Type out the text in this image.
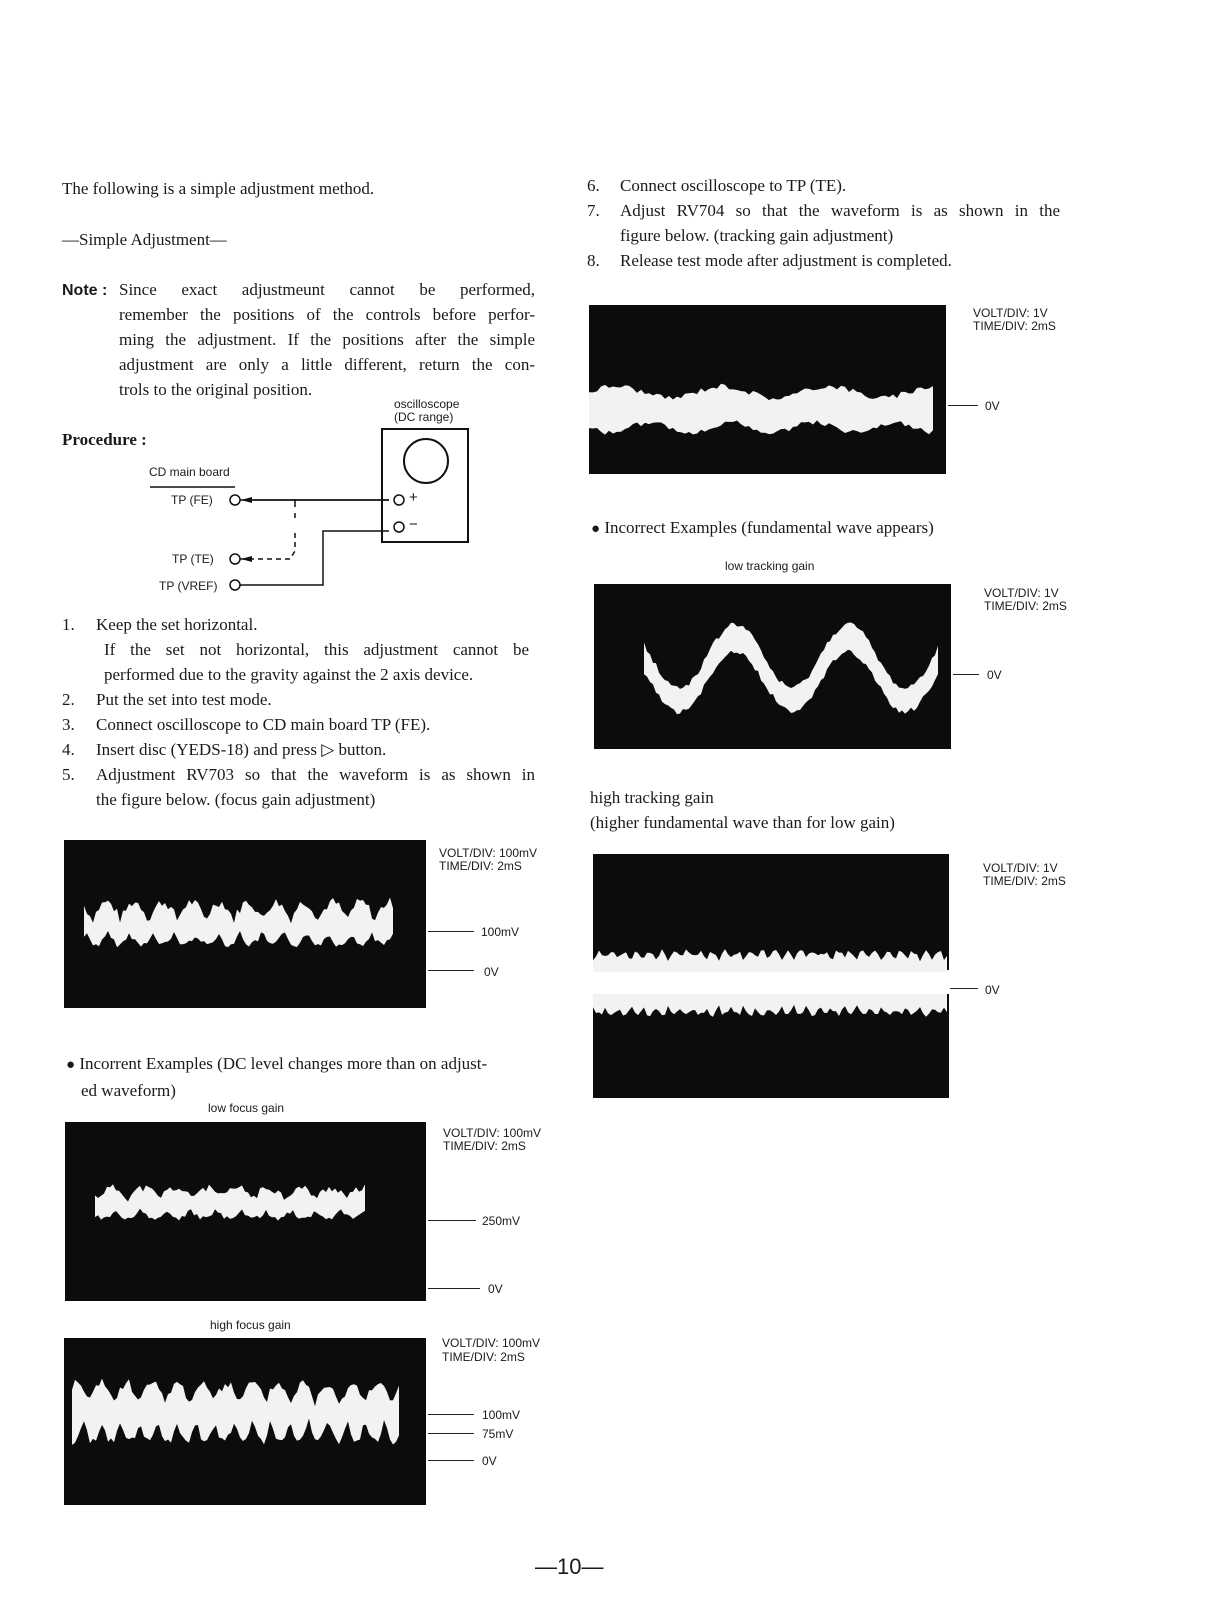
The following is a simple adjustment method.
—Simple Adjustment—
Note : Since exact adjustmeunt cannot be performed,
remember the positions of the controls before perfor-
ming the adjustment. If the positions after the simple
adjustment are only a little different, return the con-
trols to the original position.
Procedure :
oscilloscope
(DC range)
CD main board
TP (FE)
TP (TE)
TP (VREF)
+
−
1. Keep the set horizontal.
If the set not horizontal, this adjustment cannot be
performed due to the gravity against the 2 axis device.
2. Put the set into test mode.
3. Connect oscilloscope to CD main board TP (FE).
4. Insert disc (YEDS-18) and press ▷ button.
5. Adjustment RV703 so that the waveform is as shown in
the figure below. (focus gain adjustment)
VOLT/DIV: 100mV
TIME/DIV: 2mS
100mV
0V
● Incorrent Examples (DC level changes more than on adjust-
ed waveform)
low focus gain
VOLT/DIV: 100mV
TIME/DIV: 2mS
250mV
0V
high focus gain
VOLT/DIV: 100mV
TIME/DIV: 2mS
100mV
75mV
0V
6. Connect oscilloscope to TP (TE).
7. Adjust RV704 so that the waveform is as shown in the
figure below. (tracking gain adjustment)
8. Release test mode after adjustment is completed.
VOLT/DIV: 1V
TIME/DIV: 2mS
0V
● Incorrect Examples (fundamental wave appears)
low tracking gain
VOLT/DIV: 1V
TIME/DIV: 2mS
0V
high tracking gain
(higher fundamental wave than for low gain)
VOLT/DIV: 1V
TIME/DIV: 2mS
0V
—10—
